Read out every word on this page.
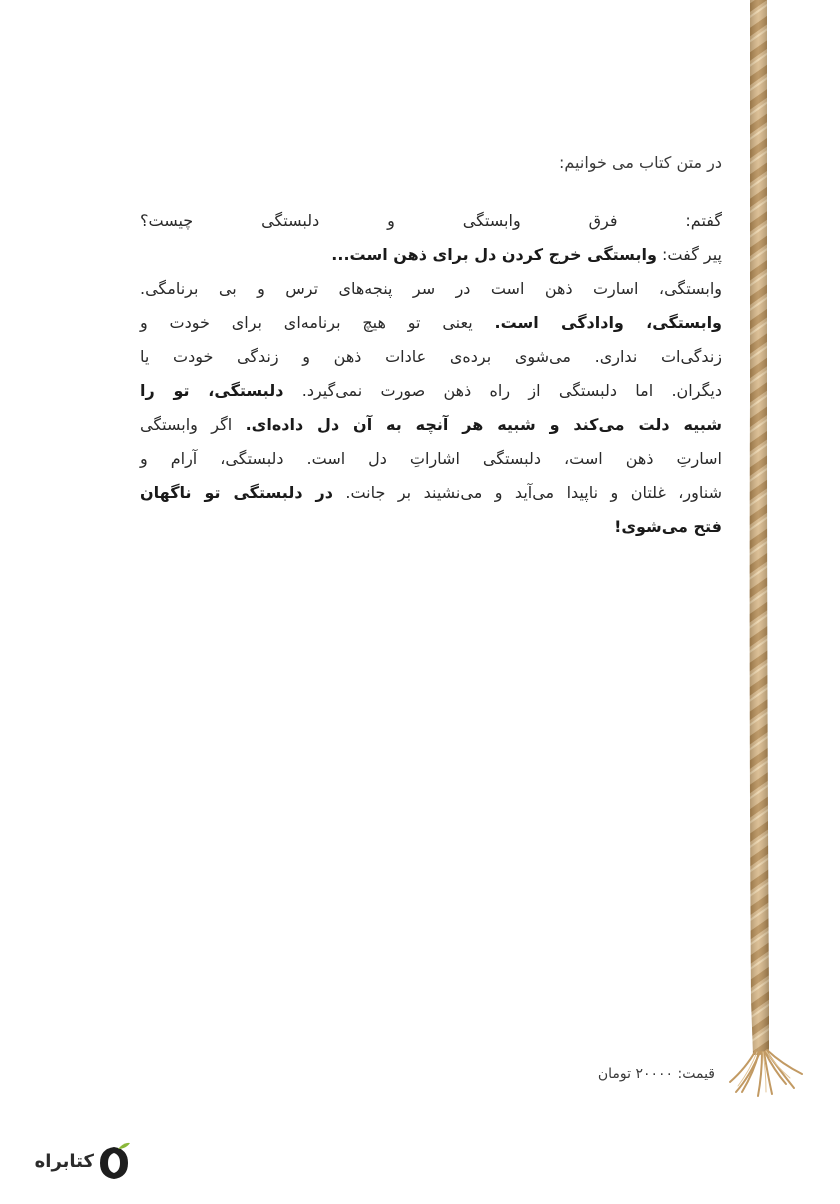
در متن کتاب می خوانیم:

گفتم: فرق وابستگی و دلبستگی چیست؟
پیر گفت: وابستگی خرج کردن دل برای ذهن است...
وابستگی، اسارت ذهن است در سر پنجه‌های ترس و بی برنامگی.
وابستگی، وادادگی است. یعنی تو هیچ برنامه‌ای برای خودت و
زندگی‌ات نداری. می‌شوی برده‌ی عادات ذهن و زندگی خودت یا
دیگران. اما دلبستگی از راه ذهن صورت نمی‌گیرد. دلبستگی، تو را
شبیه دلت می‌کند و شبیه هر آنچه به آن دل داده‌ای. اگر وابستگی
اسارتِ ذهن است، دلبستگی اشاراتِ دل است. دلبستگی، آرام و
شناور، غلتان و ناپیدا می‌آید و می‌نشیند بر جانت. در دلبستگی تو ناگهان
فتح می‌شوی!

قیمت: ۲۰۰۰۰ تومان
کتابراه
